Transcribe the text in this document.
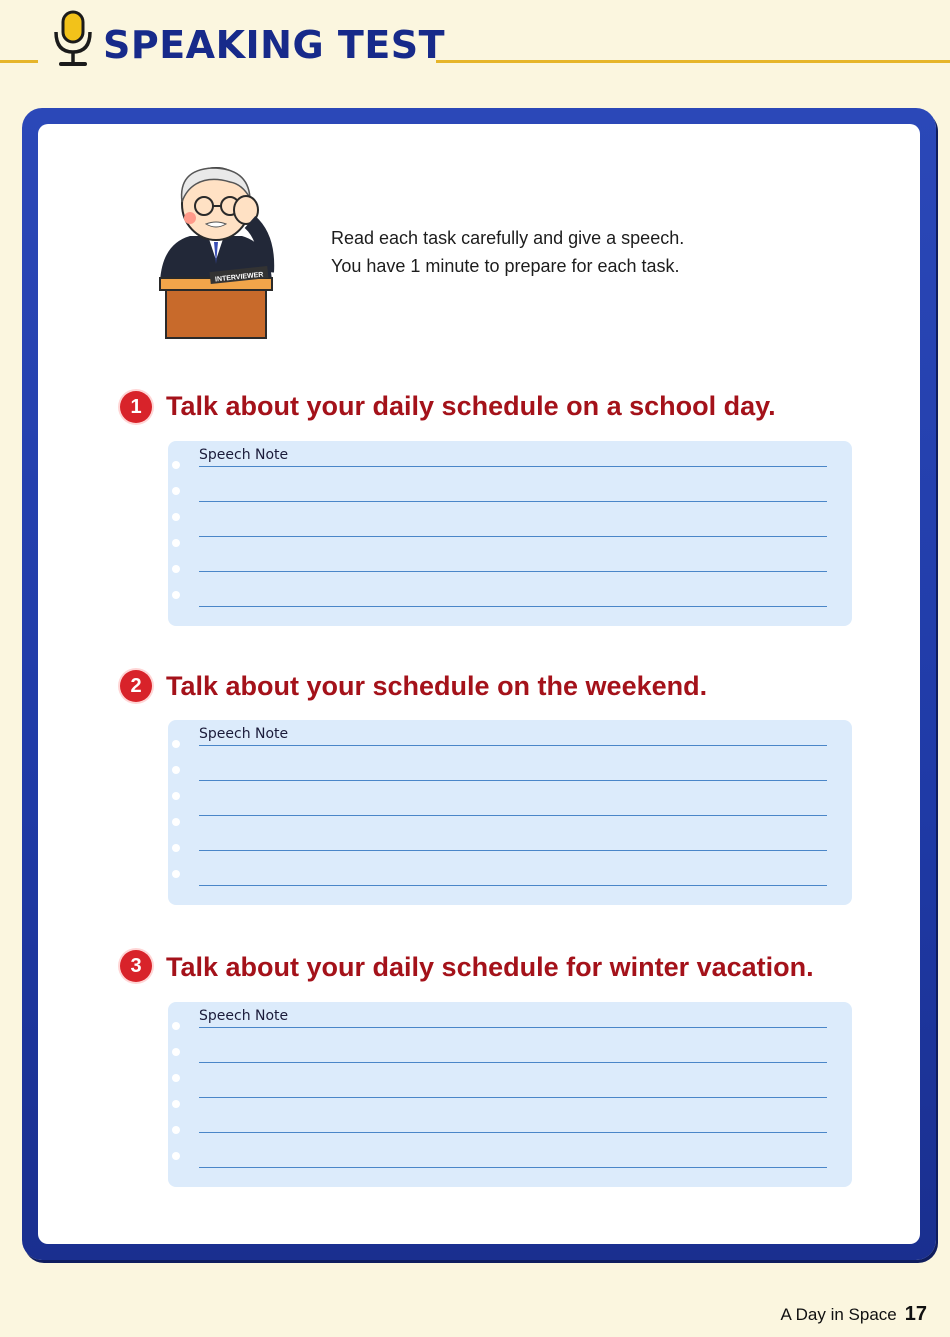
SPEAKING TEST
INTERVIEWER

Read each task carefully and give a speech.
You have 1 minute to prepare for each task.

1 Talk about your daily schedule on a school day.
Speech Note
2 Talk about your schedule on the weekend.
Speech Note
3 Talk about your daily schedule for winter vacation.
Speech Note
A Day in Space 17
